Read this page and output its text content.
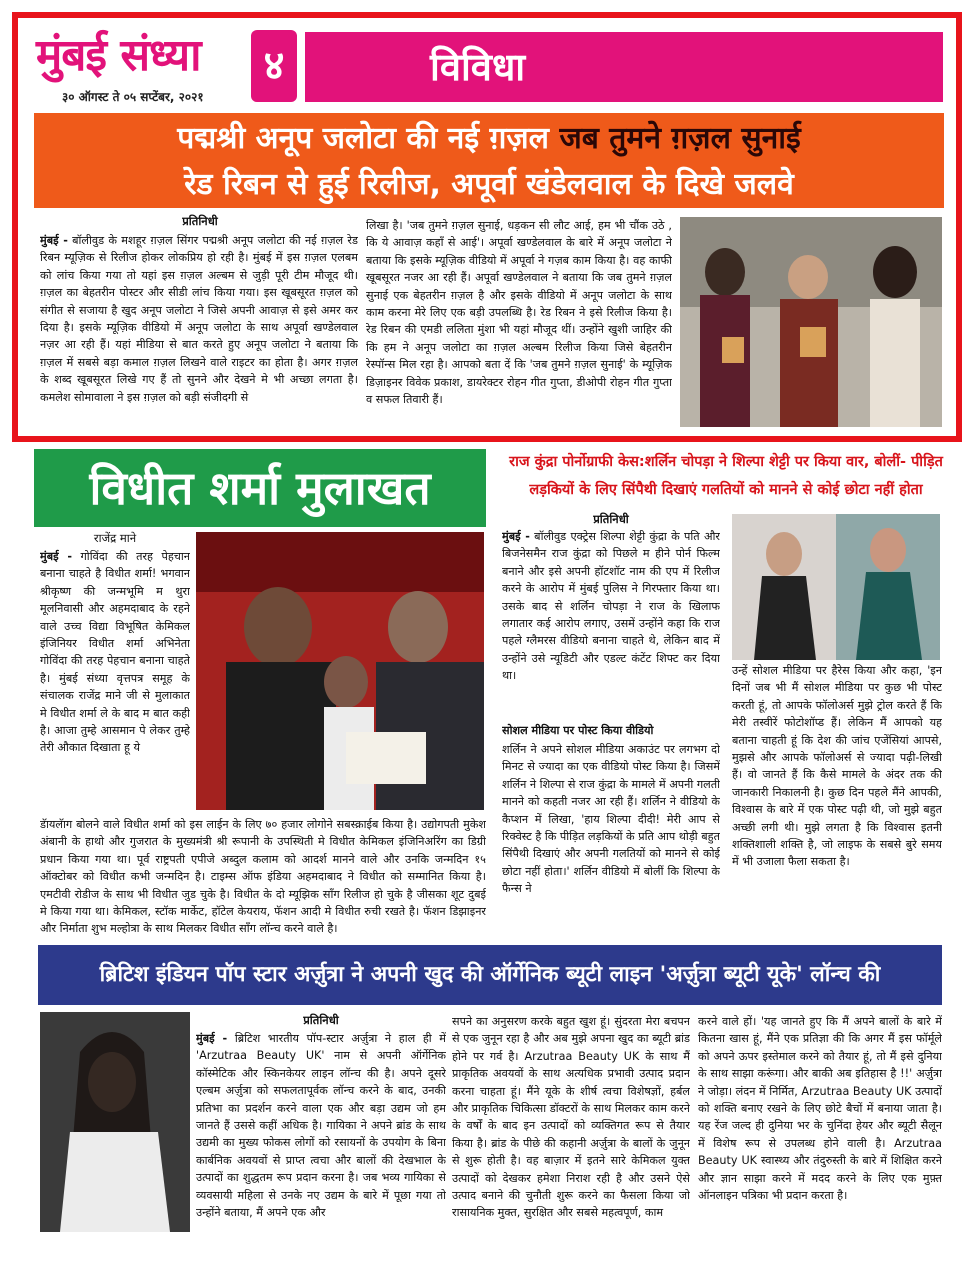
मुंबई संध्या
३० ऑगस्ट ते ०५ सप्टेंबर, २०२१
४	विविधा
पद्मश्री अनूप जलोटा की नई ग़ज़ल जब तुमने ग़ज़ल सुनाई
रेड रिबन से हुई रिलीज, अपूर्वा खंडेलवाल के दिखे जलवे
प्रतिनिधी
मुंबई - बॉलीवुड के मशहूर ग़ज़ल सिंगर पद्मश्री अनूप जलोटा की नई ग़ज़ल रेड रिबन म्यूज़िक से रिलीज होकर लोकप्रिय हो रही है। मुंबई में इस ग़ज़ल एलबम को लांच किया गया तो यहां इस ग़ज़ल अल्बम से जुड़ी पूरी टीम मौजूद थी। ग़ज़ल का बेहतरीन पोस्टर और सीडी लांच किया गया। इस खूबसूरत ग़ज़ल को संगीत से सजाया है खुद अनूप जलोटा ने जिसे अपनी आवाज़ से इसे अमर कर दिया है। इसके म्यूज़िक वीडियो में अनूप जलोटा के साथ अपूर्वा खण्डेलवाल नज़र आ रही हैं। यहां मीडिया से बात करते हुए अनूप जलोटा ने बताया कि ग़ज़ल में सबसे बड़ा कमाल ग़ज़ल लिखने वाले राइटर का होता है। अगर ग़ज़ल के शब्द खूबसूरत लिखे गए हैं तो सुनने और देखने मे भी अच्छा लगता है। कमलेश सोमावाला ने इस ग़ज़ल को बड़ी संजीदगी से
लिखा है। 'जब तुमने ग़ज़ल सुनाई, धड़कन सी लौट आई, हम भी चौंक उठे , कि ये आवाज़ कहाँ से आई'। अपूर्वा खण्डेलवाल के बारे में अनूप जलोटा ने बताया कि इसके म्यूज़िक वीडियो में अपूर्वा ने गज़ब काम किया है। वह काफी खूबसूरत नजर आ रही हैं। अपूर्वा खण्डेलवाल ने बताया कि जब तुमने ग़ज़ल सुनाई एक बेहतरीन ग़ज़ल है और इसके वीडियो में अनूप जलोटा के साथ काम करना मेरे लिए एक बड़ी उपलब्धि है। रेड रिबन ने इसे रिलीज किया है। रेड रिबन की एमडी ललिता मुंशा भी यहां मौजूद थीं। उन्होंने खुशी जाहिर की कि हम ने अनूप जलोटा का ग़ज़ल अल्बम रिलीज किया जिसे बेहतरीन रेस्पॉन्स मिल रहा है। आपको बता दें कि 'जब तुमने ग़ज़ल सुनाई' के म्यूज़िक डिज़ाइनर विवेक प्रकाश, डायरेक्टर रोहन गीत गुप्ता, डीओपी रोहन गीत गुप्ता व सफल तिवारी हैं।
विधीत शर्मा मुलाखत
राजेंद्र माने
मुंबई - गोविंदा की तरह पेहचान बनाना चाहते है विधीत शर्मा! भगवान श्रीकृष्ण की जन्मभूमि म थुरा मूलनिवासी और अहमदाबाद के रहने वाले उच्च विद्या विभूषित केमिकल इंजिनियर विधीत शर्मा अभिनेता गोविंदा की तरह पेहचान बनाना चाहते है। मुंबई संध्या वृत्तपत्र समूह के संचालक राजेंद्र माने जी से मुलाकात मे विधीत शर्मा ले के बाद म बात कही है। आजा तुम्हे आसमान पे लेकर तुम्हे तेरी औकात दिखाता हू ये
डॅायलॅाग बोलने वाले विधीत शर्मा को इस लाईन के लिए ७० हजार लोगोने सबस्क्राईब किया है। उद्योगपती मुकेश अंबानी के हाथो और गुजरात के मुख्यमंत्री श्री रूपानी के उपस्थिती मे विधीत केमिकल इंजिनिअरिंग का डिग्री प्रधान किया गया था। पूर्व राष्ट्रपती एपीजे अब्दुल कलाम को आदर्श मानने वाले और उनकि जन्मदिन १५ ऑक्टोबर को विधीत कभी जन्मदिन है। टाइम्स ऑफ इंडिया अहमदाबाद ने विधीत को सम्मानित किया है। एमटीवी रोडीज के साथ भी विधीत जुड चुके है। विधीत के दो म्यूझिक सॉंग रिलीज हो चुके है जीसका शूट दुबई मे किया गया था। केमिकल, स्टॉक मार्केट, हॉटेल केयराय, फॅशन आदी मे विधीत रुची रखते है। फॅशन डिझाइनर और निर्माता शुभ मल्होत्रा के साथ मिलकर विधीत सॉंग लॉन्च करने वाले है।
राज कुंद्रा पोर्नोग्राफी केस:शर्लिन चोपड़ा ने शिल्पा शेट्टी पर किया वार, बोलीं- पीड़ित
लड़कियों के लिए सिंपैथी दिखाएं गलतियों को मानने से कोई छोटा नहीं होता
प्रतिनिधी
मुंबई - बॉलीवुड एक्ट्रेस शिल्पा शेट्टी कुंद्रा के पति और बिजनेसमैन राज कुंद्रा को पिछले म हीने पोर्न फिल्म बनाने और इसे अपनी हॉटशॉट नाम की एप में रिलीज करने के आरोप में मुंबई पुलिस ने गिरफ्तार किया था। उसके बाद से शर्लिन चोपड़ा ने राज के खिलाफ लगातार कई आरोप लगाए, उसमें उन्होंने कहा कि राज पहले ग्लैमरस वीडियो बनाना चाहते थे, लेकिन बाद में उन्होंने उसे न्यूडिटी और एडल्ट कंटेंट शिफ्ट कर दिया था।
सोशल मीडिया पर पोस्ट किया वीडियो
शर्लिन ने अपने सोशल मीडिया अकाउंट पर लगभग दो मिनट से ज्यादा का एक वीडियो पोस्ट किया है। जिसमें शर्लिन ने शिल्पा से राज कुंद्रा के मामले में अपनी गलती मानने को कहती नजर आ रही हैं। शर्लिन ने वीडियो के कैप्शन में लिखा, 'हाय शिल्पा दीदी! मेरी आप से रिक्वेस्ट है कि पीड़ित लड़कियों के प्रति आप थोड़ी बहुत सिंपैथी दिखाएं और अपनी गलतियों को मानने से कोई छोटा नहीं होता।' शर्लिन वीडियो में बोलीं कि शिल्पा के फैन्स ने
उन्हें सोशल मीडिया पर हैरेस किया और कहा, 'इन दिनों जब भी मैं सोशल मीडिया पर कुछ भी पोस्ट करती हूं, तो आपके फॉलोअर्स मुझे ट्रोल करते हैं कि मेरी तस्वीरें फोटोशॉप्ड हैं। लेकिन मैं आपको यह बताना चाहती हूं कि देश की जांच एजेंसियां आपसे, मुझसे और आपके फॉलोअर्स से ज्यादा पढ़ी-लिखी हैं। वो जानते हैं कि कैसे मामले के अंदर तक की जानकारी निकालनी है। कुछ दिन पहले मैंने आपकी, विश्वास के बारे में एक पोस्ट पढ़ी थी, जो मुझे बहुत अच्छी लगी थी। मुझे लगता है कि विश्वास इतनी शक्तिशाली शक्ति है, जो लाइफ के सबसे बुरे समय में भी उजाला फैला सकता है।
ब्रिटिश इंडियन पॉप स्टार अर्ज़ुत्रा ने अपनी खुद की ऑर्गेनिक ब्यूटी लाइन 'अर्ज़ुत्रा ब्यूटी यूके' लॉन्च की
प्रतिनिधी
मुंबई - ब्रिटिश भारतीय पॉप-स्टार अर्ज़ुत्रा ने हाल ही में 'Arzutraa Beauty UK' नाम से अपनी ऑर्गेनिक कॉस्मेटिक और स्किनकेयर लाइन लॉन्च की है। अपने दूसरे एल्बम अर्ज़ुत्रा को सफलतापूर्वक लॉन्च करने के बाद, उनकी प्रतिभा का प्रदर्शन करने वाला एक और बड़ा उद्यम जो हम जानते हैं उससे कहीं अधिक है। गायिका ने अपने ब्रांड के साथ उद्यमी का मुख्य फोकस लोगों को रसायनों के उपयोग के बिना कार्बनिक अवयवों से प्राप्त त्वचा और बालों की देखभाल के उत्पादों का शुद्धतम रूप प्रदान करना है। जब भव्य गायिका से व्यवसायी महिला से उनके नए उद्यम के बारे में पूछा गया तो उन्होंने बताया, मैं अपने एक और
सपने का अनुसरण करके बहुत खुश हूं। सुंदरता मेरा बचपन से एक जुनून रहा है और अब मुझे अपना खुद का ब्यूटी ब्रांड होने पर गर्व है। Arzutraa Beauty UK के साथ मैं प्राकृतिक अवयवों के साथ अत्यधिक प्रभावी उत्पाद प्रदान करना चाहता हूं। मैंने यूके के शीर्ष त्वचा विशेषज्ञों, हर्बल और प्राकृतिक चिकित्सा डॉक्टरों के साथ मिलकर काम करने के वर्षों के बाद इन उत्पादों को व्यक्तिगत रूप से तैयार किया है। ब्रांड के पीछे की कहानी अर्ज़ुत्रा के बालों के जुनून से शुरू होती है। वह बाज़ार में इतने सारे केमिकल युक्त उत्पादों को देखकर हमेशा निराश रही है और उसने ऐसे उत्पाद बनाने की चुनौती शुरू करने का फैसला किया जो रासायनिक मुक्त, सुरक्षित और सबसे महत्वपूर्ण, काम
करने वाले हों। 'यह जानते हुए कि मैं अपने बालों के बारे में कितना खास हूं, मैंने एक प्रतिज्ञा की कि अगर मैं इस फॉर्मूले को अपने ऊपर इस्तेमाल करने को तैयार हूं, तो मैं इसे दुनिया के साथ साझा करूंगा। और बाकी अब इतिहास है !!' अर्ज़ुत्रा ने जोड़ा। लंदन में निर्मित, Arzutraa Beauty UK उत्पादों को शक्ति बनाए रखने के लिए छोटे बैचों में बनाया जाता है। यह रेंज जल्द ही दुनिया भर के चुनिंदा हेयर और ब्यूटी सैलून में विशेष रूप से उपलब्ध होने वाली है। Arzutraa Beauty UK स्वास्थ्य और तंदुरुस्ती के बारे में शिक्षित करने और ज्ञान साझा करने में मदद करने के लिए एक मुफ़्त ऑनलाइन पत्रिका भी प्रदान करता है।
